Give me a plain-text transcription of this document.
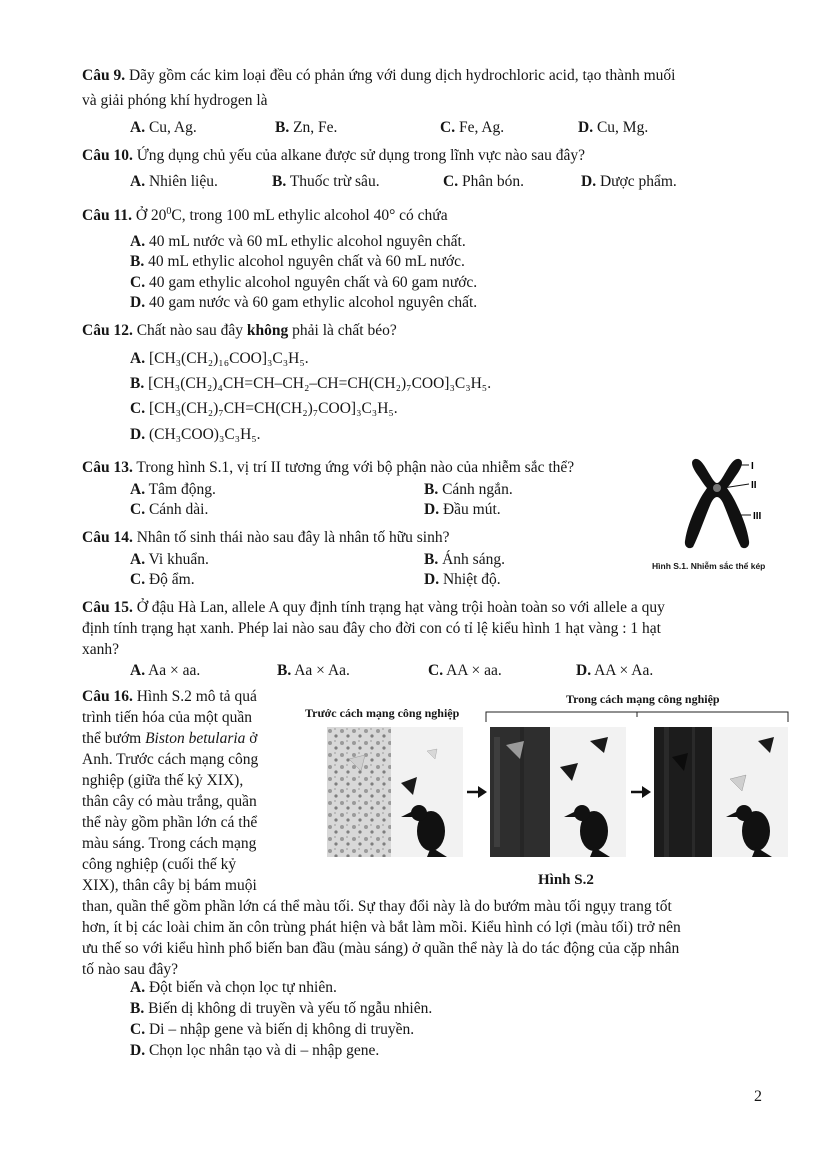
Câu 9. Dãy gồm các kim loại đều có phản ứng với dung dịch hydrochloric acid, tạo thành muối
và giải phóng khí hydrogen là
A. Cu, Ag.	B. Zn, Fe.	C. Fe, Ag.	D. Cu, Mg.
Câu 10. Ứng dụng chủ yếu của alkane được sử dụng trong lĩnh vực nào sau đây?
A. Nhiên liệu.	B. Thuốc trừ sâu.	C. Phân bón.	D. Dược phẩm.
Câu 11. Ở $20^0C$, trong 100 mL ethylic alcohol 40° có chứa
A. 40 mL nước và 60 mL ethylic alcohol nguyên chất.
B. 40 mL ethylic alcohol nguyên chất và 60 mL nước.
C. 40 gam ethylic alcohol nguyên chất và 60 gam nước.
D. 40 gam nước và 60 gam ethylic alcohol nguyên chất.
Câu 12. Chất nào sau đây không phải là chất béo?
A. [CH₃(CH₂)₁₆COO]₃C₃H₅.
B. [CH₃(CH₂)₄CH=CH–CH₂–CH=CH(CH₂)₇COO]₃C₃H₅.
C. [CH₃(CH₂)₇CH=CH(CH₂)₇COO]₃C₃H₅.
D. (CH₃COO)₃C₃H₅.
Câu 13. Trong hình S.1, vị trí II tương ứng với bộ phận nào của nhiễm sắc thể?
A. Tâm động.	B. Cánh ngắn.
C. Cánh dài.	D. Đầu mút.
Câu 14. Nhân tố sinh thái nào sau đây là nhân tố hữu sinh?
A. Vi khuẩn.	B. Ánh sáng.
C. Độ ẩm.	D. Nhiệt độ.
I
II
III
Hình S.1. Nhiễm sắc thể kép
Câu 15. Ở đậu Hà Lan, allele A quy định tính trạng hạt vàng trội hoàn toàn so với allele a quy
định tính trạng hạt xanh. Phép lai nào sau đây cho đời con có tỉ lệ kiểu hình 1 hạt vàng : 1 hạt
xanh?
A. Aa × aa.	B. Aa × Aa.	C. AA × aa.	D. AA × Aa.
Câu 16. Hình S.2 mô tả quá
trình tiến hóa của một quần
thể bướm Biston betularia ở
Anh. Trước cách mạng công
nghiệp (giữa thế kỷ XIX),
thân cây có màu trắng, quần
thể này gồm phần lớn cá thể
màu sáng. Trong cách mạng
công nghiệp (cuối thế kỷ
XIX), thân cây bị bám muội
Trước cách mạng công nghiệp
Trong cách mạng công nghiệp
Hình S.2
than, quần thể gồm phần lớn cá thể màu tối. Sự thay đổi này là do bướm màu tối ngụy trang tốt
hơn, ít bị các loài chim ăn côn trùng phát hiện và bắt làm mồi. Kiểu hình có lợi (màu tối) trở nên
ưu thế so với kiểu hình phổ biến ban đầu (màu sáng) ở quần thể này là do tác động của cặp nhân
tố nào sau đây?
A. Đột biến và chọn lọc tự nhiên.
B. Biến dị không di truyền và yếu tố ngẫu nhiên.
C. Di – nhập gene và biến dị không di truyền.
D. Chọn lọc nhân tạo và di – nhập gene.
2
